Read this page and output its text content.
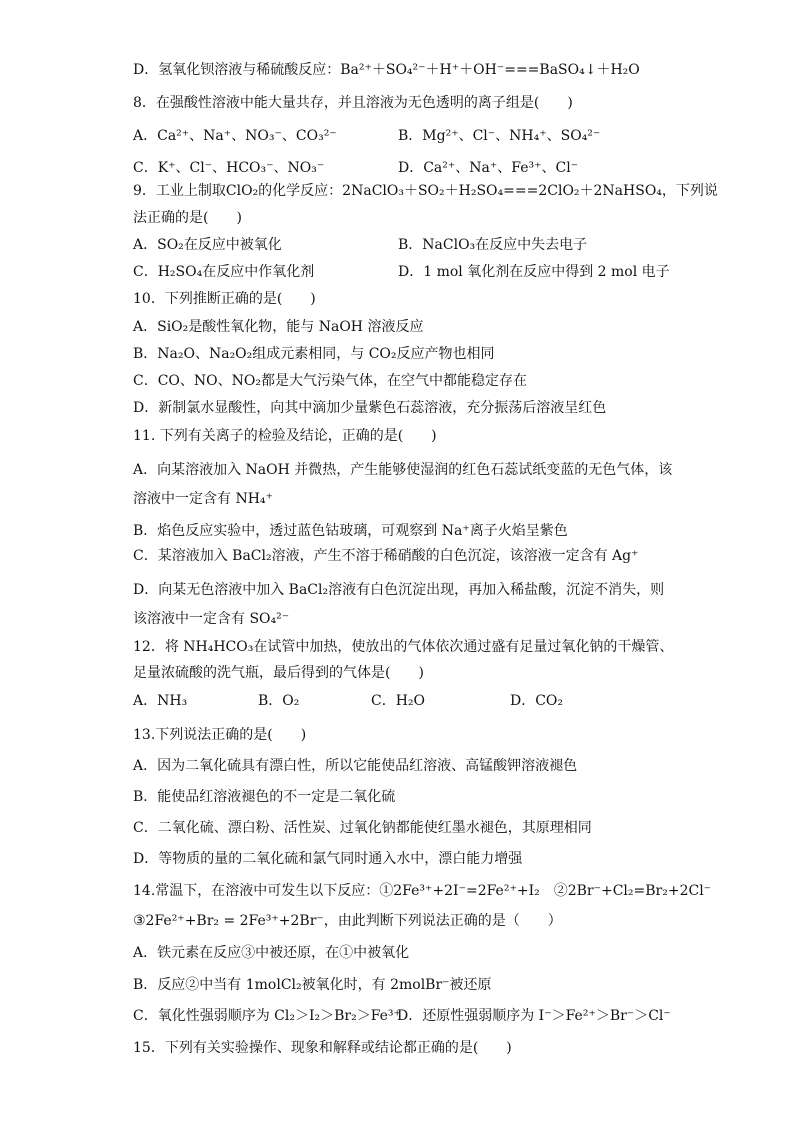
D．氢氧化钡溶液与稀硫酸反应：Ba²⁺＋SO₄²⁻＋H⁺＋OH⁻===BaSO₄↓＋H₂O
8．在强酸性溶液中能大量共存，并且溶液为无色透明的离子组是(　　)
A．Ca²⁺、Na⁺、NO₃⁻、CO₃²⁻	B．Mg²⁺、Cl⁻、NH₄⁺、SO₄²⁻
C．K⁺、Cl⁻、HCO₃⁻、NO₃⁻	D．Ca²⁺、Na⁺、Fe³⁺、Cl⁻
9．工业上制取ClO₂的化学反应：2NaClO₃＋SO₂＋H₂SO₄===2ClO₂＋2NaHSO₄，下列说
法正确的是(　　)
A．SO₂在反应中被氧化	B．NaClO₃在反应中失去电子
C．H₂SO₄在反应中作氧化剂	D．1 mol 氧化剂在反应中得到 2 mol 电子
10．下列推断正确的是(　　)
A．SiO₂是酸性氧化物，能与 NaOH 溶液反应
B．Na₂O、Na₂O₂组成元素相同，与 CO₂反应产物也相同
C．CO、NO、NO₂都是大气污染气体，在空气中都能稳定存在
D．新制氯水显酸性，向其中滴加少量紫色石蕊溶液，充分振荡后溶液呈红色
11. 下列有关离子的检验及结论，正确的是(　　)
A．向某溶液加入 NaOH 并微热，产生能够使湿润的红色石蕊试纸变蓝的无色气体，该
溶液中一定含有 NH₄⁺
B．焰色反应实验中，透过蓝色钴玻璃，可观察到 Na⁺离子火焰呈紫色
C．某溶液加入 BaCl₂溶液，产生不溶于稀硝酸的白色沉淀，该溶液一定含有 Ag⁺
D．向某无色溶液中加入 BaCl₂溶液有白色沉淀出现，再加入稀盐酸，沉淀不消失，则
该溶液中一定含有 SO₄²⁻
12．将 NH₄HCO₃在试管中加热，使放出的气体依次通过盛有足量过氧化钠的干燥管、
足量浓硫酸的洗气瓶，最后得到的气体是(　　)
A．NH₃	B．O₂	C．H₂O	D．CO₂
13.下列说法正确的是(　　)
A．因为二氧化硫具有漂白性，所以它能使品红溶液、高锰酸钾溶液褪色
B．能使品红溶液褪色的不一定是二氧化硫
C．二氧化硫、漂白粉、活性炭、过氧化钠都能使红墨水褪色，其原理相同
D．等物质的量的二氧化硫和氯气同时通入水中，漂白能力增强
14.常温下，在溶液中可发生以下反应：①2Fe³⁺+2I⁻=2Fe²⁺+I₂　②2Br⁻+Cl₂=Br₂+2Cl⁻
③2Fe²⁺+Br₂ = 2Fe³⁺+2Br⁻，由此判断下列说法正确的是（　　）
A．铁元素在反应③中被还原，在①中被氧化
B．反应②中当有 1molCl₂被氧化时，有 2molBr⁻被还原
C．氧化性强弱顺序为 Cl₂＞I₂＞Br₂＞Fe³⁺
D．还原性强弱顺序为 I⁻＞Fe²⁺＞Br⁻＞Cl⁻
15．下列有关实验操作、现象和解释或结论都正确的是(　　)
